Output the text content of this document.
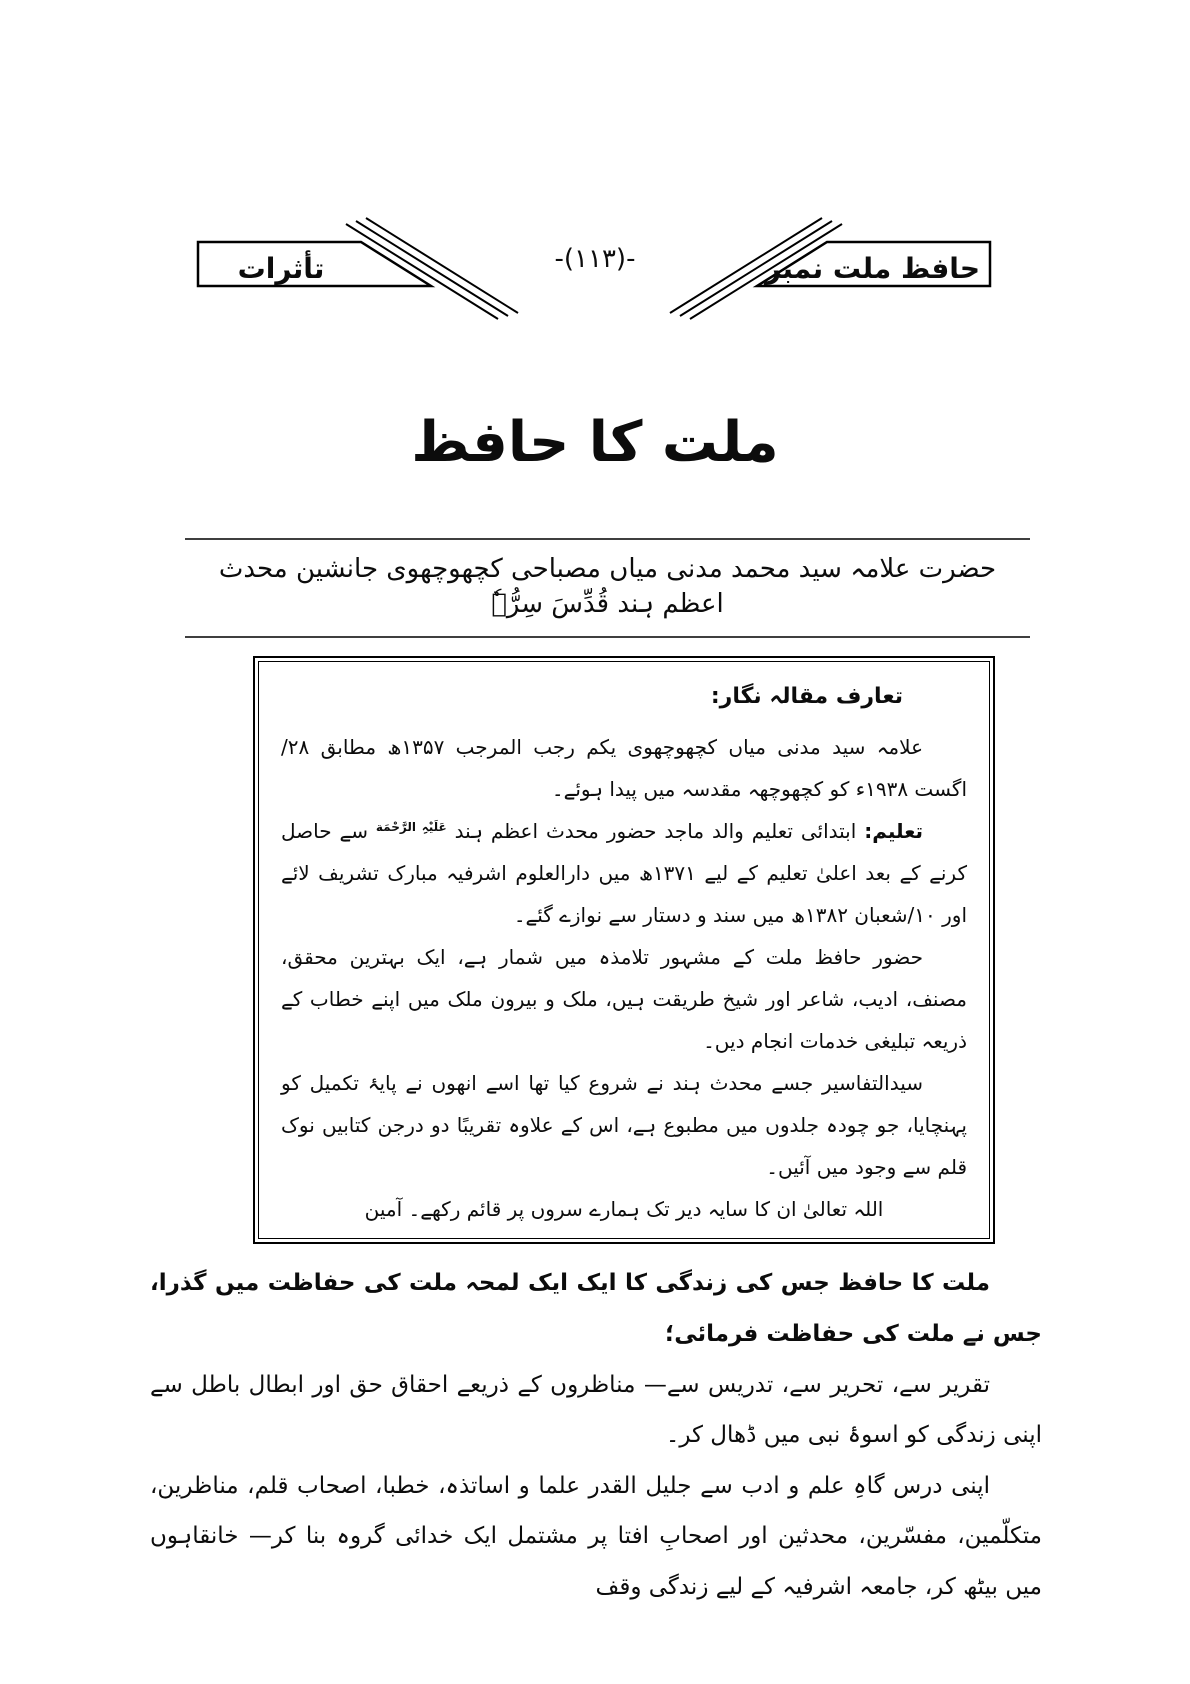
تأثرات	-(۱۱۳)-	حافظ ملت نمبر
ملت کا حافظ
حضرت علامہ سید محمد مدنی میاں مصباحی کچھوچھوی جانشین محدث اعظم ہند قُدِّسَ سِرُّہٗ
تعارف مقالہ نگار:

علامہ سید مدنی میاں کچھوچھوی یکم رجب المرجب ۱۳۵۷ھ مطابق ۲۸/اگست ۱۹۳۸ء کو کچھوچھہ مقدسہ میں پیدا ہوئے۔

تعلیم: ابتدائی تعلیم والد ماجد حضور محدث اعظم ہند $^{عَلَیْہِ الرَّحْمَة}$ سے حاصل کرنے کے بعد اعلیٰ تعلیم کے لیے ۱۳۷۱ھ میں دارالعلوم اشرفیہ مبارک تشریف لائے اور ۱۰/شعبان ۱۳۸۲ھ میں سند و دستار سے نوازے گئے۔

حضور حافظ ملت کے مشہور تلامذہ میں شمار ہے، ایک بہترین محقق، مصنف، ادیب، شاعر اور شیخ طریقت ہیں، ملک و بیرون ملک میں اپنے خطاب کے ذریعہ تبلیغی خدمات انجام دیں۔

سیدالتفاسیر جسے محدث ہند نے شروع کیا تھا اسے انھوں نے پایۂ تکمیل کو پہنچایا، جو چودہ جلدوں میں مطبوع ہے، اس کے علاوہ تقریبًا دو درجن کتابیں نوک قلم سے وجود میں آئیں۔

اللہ تعالیٰ ان کا سایہ دیر تک ہمارے سروں پر قائم رکھے۔ آمین

ملت کا حافظ جس کی زندگی کا ایک ایک لمحہ ملت کی حفاظت میں گذرا، جس نے ملت کی حفاظت فرمائی؛

تقریر سے، تحریر سے، تدریس سے— مناظروں کے ذریعے احقاق حق اور ابطال باطل سے اپنی زندگی کو اسوۂ نبی میں ڈھال کر۔

اپنی درس گاہِ علم و ادب سے جلیل القدر علما و اساتذہ، خطبا، اصحاب قلم، مناظرین، متکلّمین، مفسّرین، محدثین اور اصحابِ افتا پر مشتمل ایک خدائی گروہ بنا کر— خانقاہوں میں بیٹھ کر، جامعہ اشرفیہ کے لیے زندگی وقف
